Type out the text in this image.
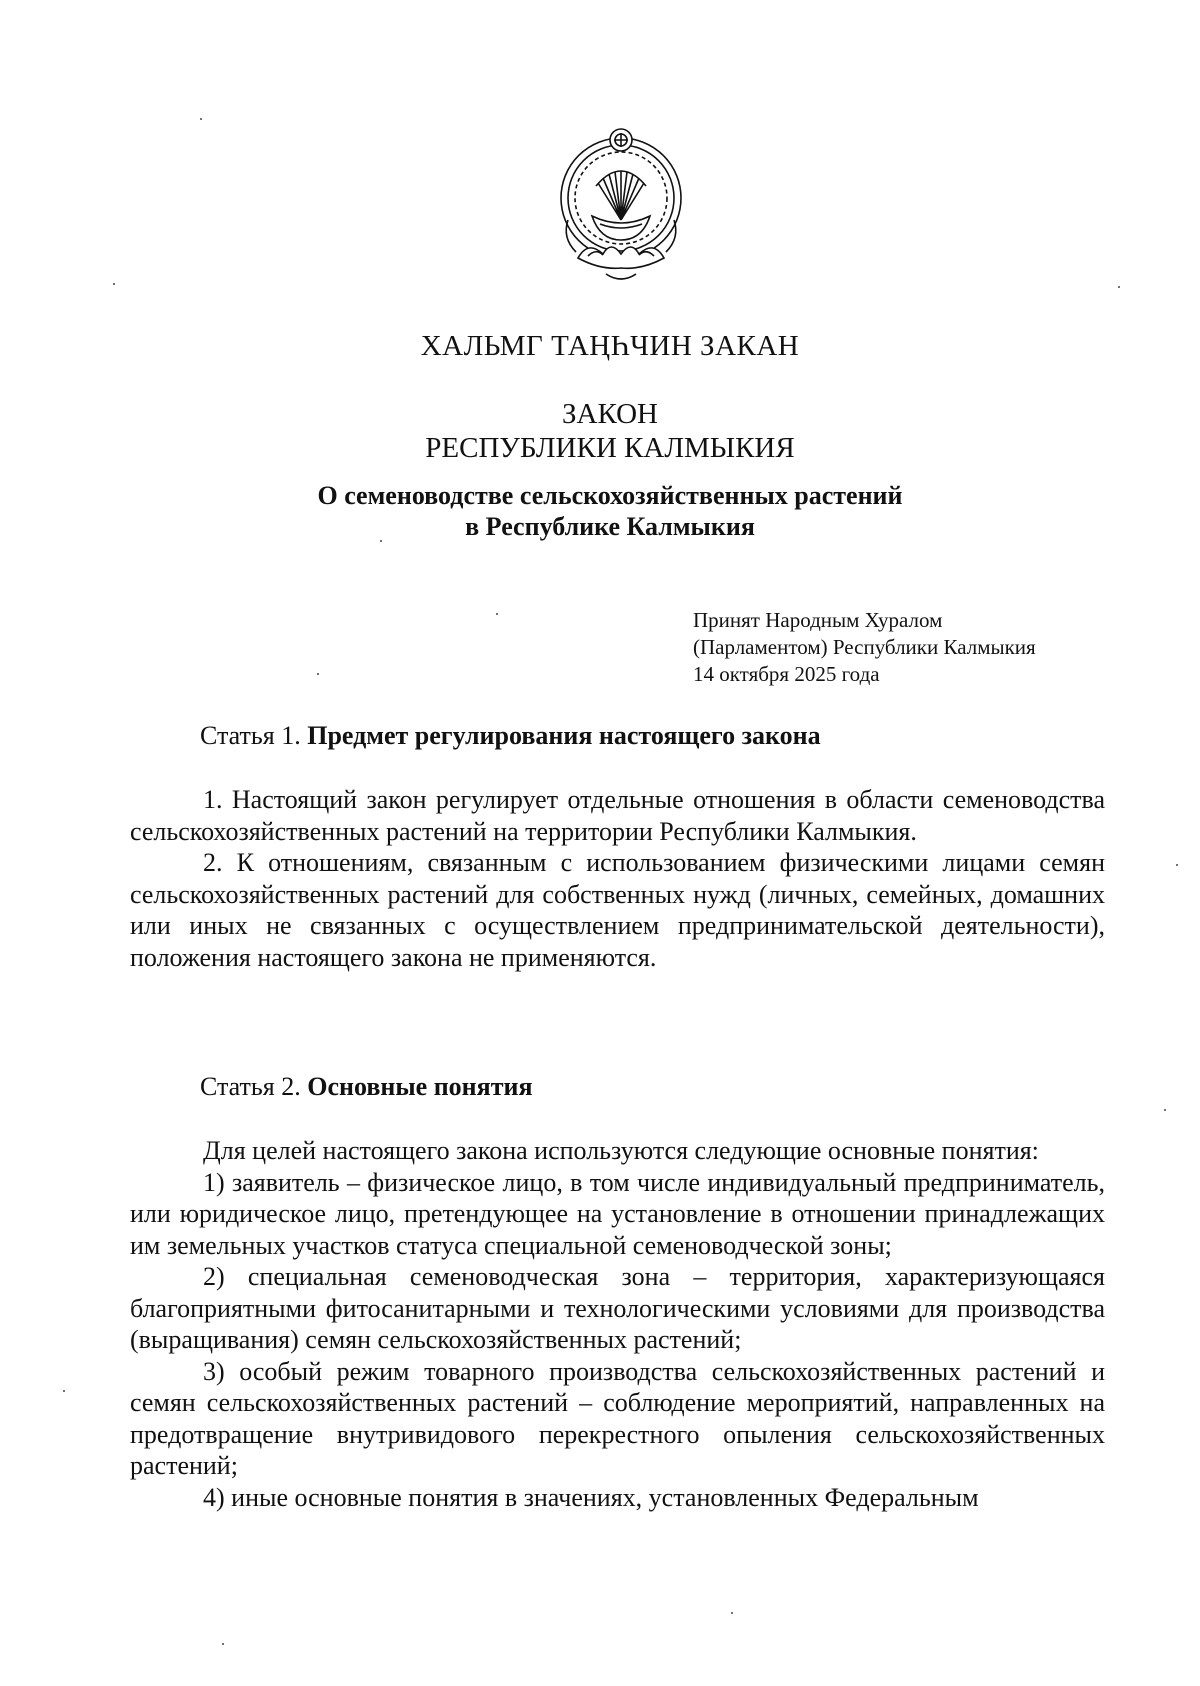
ХАЛЬМГ ТАҢҺЧИН ЗАКАН
ЗАКОН
РЕСПУБЛИКИ КАЛМЫКИЯ
О семеноводстве сельскохозяйственных растений
в Республике Калмыкия
Принят Народным Хуралом
(Парламентом) Республики Калмыкия
14 октября 2025 года
Статья 1. Предмет регулирования настоящего закона

1. Настоящий закон регулирует отдельные отношения в области семеноводства сельскохозяйственных растений на территории Республики Калмыкия.

2. К отношениям, связанным с использованием физическими лицами семян сельскохозяйственных растений для собственных нужд (личных, семейных, домашних или иных не связанных с осуществлением предпринимательской деятельности), положения настоящего закона не применяются.

Статья 2. Основные понятия

Для целей настоящего закона используются следующие основные понятия:

1) заявитель – физическое лицо, в том числе индивидуальный предприниматель, или юридическое лицо, претендующее на установление в отношении принадлежащих им земельных участков статуса специальной семеноводческой зоны;

2) специальная семеноводческая зона – территория, характеризующаяся благоприятными фитосанитарными и технологическими условиями для производства (выращивания) семян сельскохозяйственных растений;

3) особый режим товарного производства сельскохозяйственных растений и семян сельскохозяйственных растений – соблюдение мероприятий, направленных на предотвращение внутривидового перекрестного опыления сельскохозяйственных растений;

4) иные основные понятия в значениях, установленных Федеральным
